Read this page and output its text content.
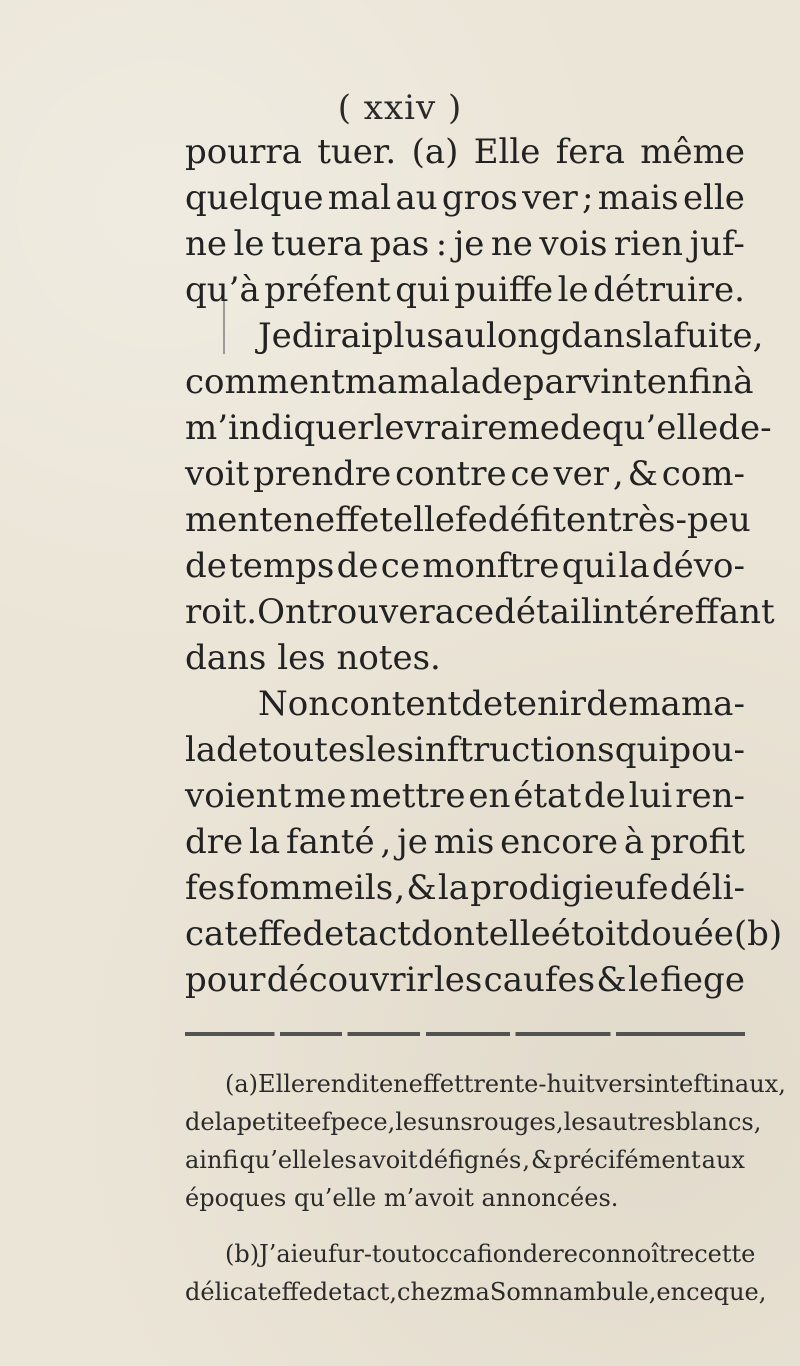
( xxiv )
pourra tuer. (a) Elle fera même
quelque mal au gros ver ; mais elle
ne le tuera pas : je ne vois rien juf-
qu’à préfent qui puiffe le détruire.
Je dirai plus au long dans la fuite,
comment ma malade parvint enfin à
m’indiquer le vrai remede qu’elle de-
voit prendre contre ce ver , & com-
ment en effet elle fe défit en très-peu
de temps de ce monftre qui la dévo-
roit. On trouvera ce détail intéreffant
dans les notes.
Non content de tenir de ma ma-
lade toutes les inftructions qui pou-
voient me mettre en état de lui ren-
dre la fanté , je mis encore à profit
fes fommeils , & la prodigieufe déli-
cateffe de tact dont elle étoit douée (b)
pour découvrir les caufes & le fiege
(a) Elle rendit en effet trente-huit vers inteftinaux ,
de la petite efpece , les uns rouges , les autres blancs ,
ainfi qu’elle les avoit défignés , & précifément aux
époques qu’elle m’avoit annoncées.
(b) J’ai eu fur-tout occafion de reconnoître cette
délicateffe de tact , chez ma Somnambule , en ce que,
